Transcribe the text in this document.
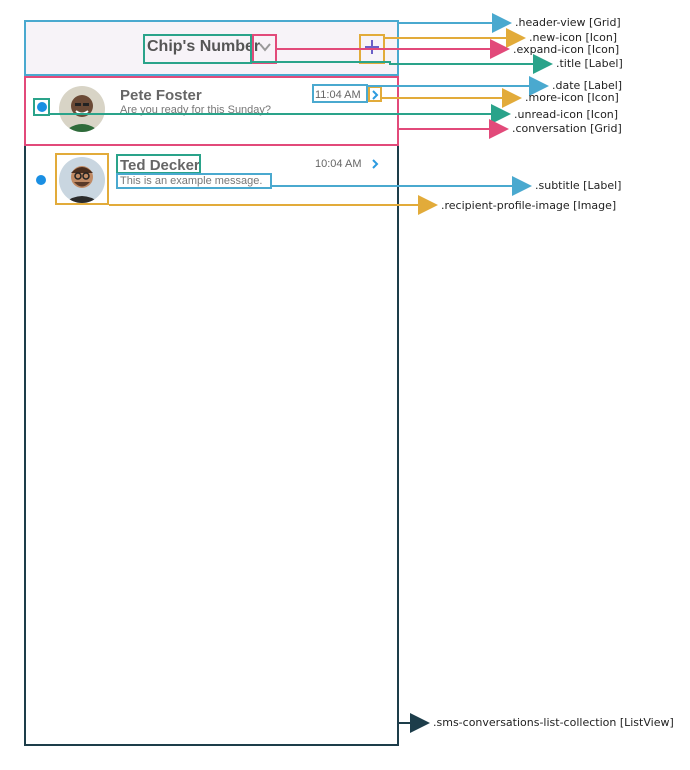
Chip's Number
Pete Foster
Are you ready for this Sunday?
11:04 AM
Ted Decker
This is an example message.
10:04 AM
.header-view [Grid]
.new-icon [Icon]
.expand-icon [Icon]
.title [Label]
.date [Label]
.more-icon [Icon]
.unread-icon [Icon]
.conversation [Grid]
.subtitle [Label]
.recipient-profile-image [Image]
.sms-conversations-list-collection [ListView]
